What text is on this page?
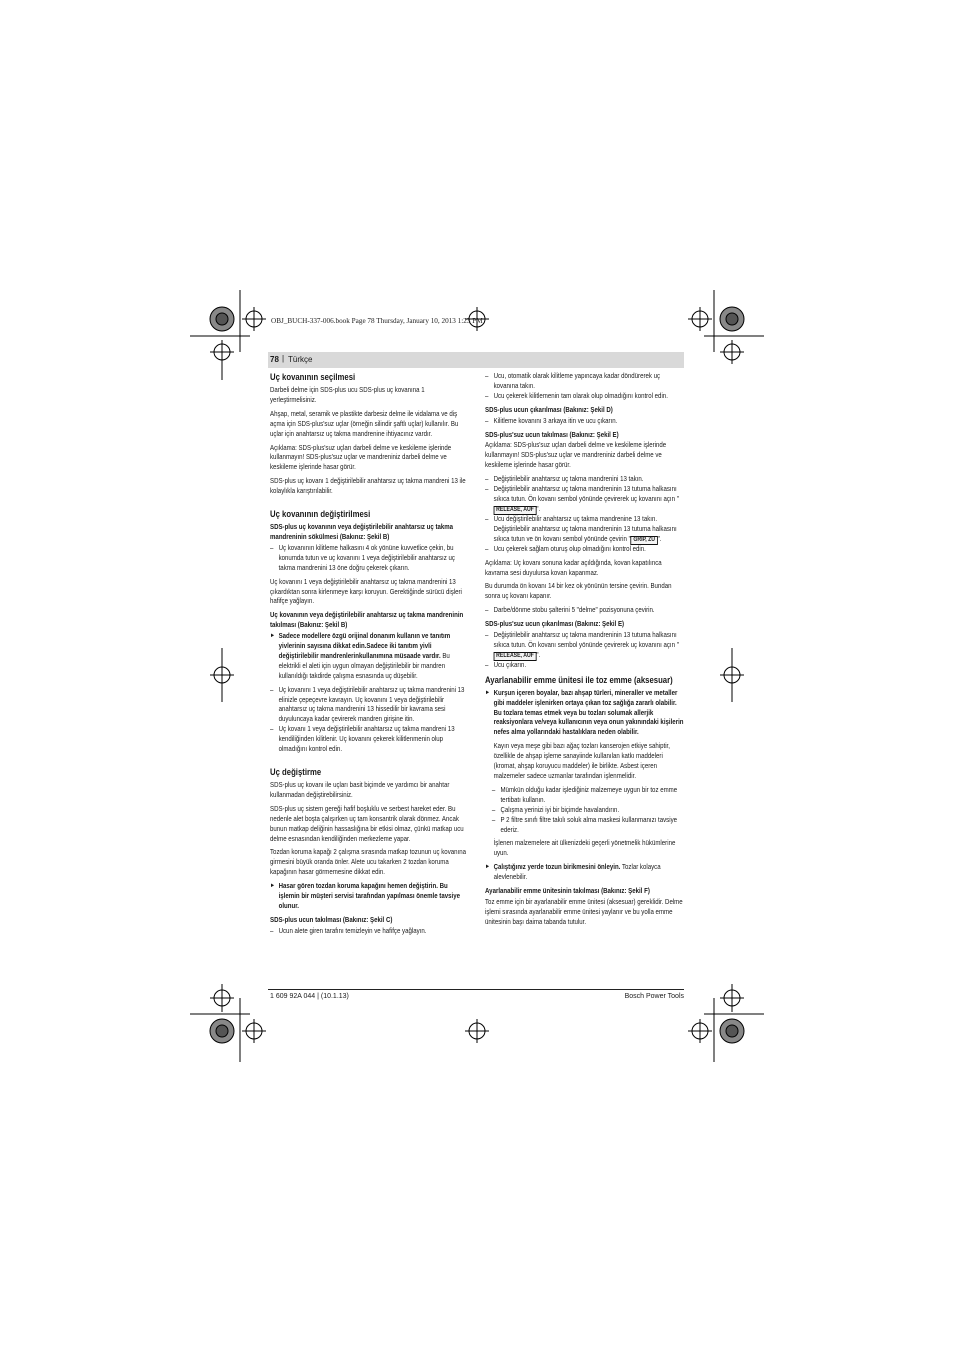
OBJ_BUCH-337-006.book Page 78 Thursday, January 10, 2013 1:23 PM
78 | Türkçe
Uç kovanının seçilmesi

Darbeli delme için SDS-plus ucu SDS-plus uç kovanına 1 yerleştirmelisiniz.

Ahşap, metal, seramik ve plastikte darbesiz delme ile vidalama ve diş açma için SDS-plus'suz uçlar (örneğin silindir şaftlı uçlar) kullanılır. Bu uçlar için anahtarsız uç takma mandrenine ihtiyacınız vardır.

Açıklama: SDS-plus'suz uçları darbeli delme ve keskileme işlerinde kullanmayın! SDS-plus'suz uçlar ve mandreniniz darbeli delme ve keskileme işlerinde hasar görür.

SDS-plus uç kovanı 1 değiştirilebilir anahtarsız uç takma mandreni 13 ile kolaylıkla karıştırılabilir.

Uç kovanının değiştirilmesi
SDS-plus uç kovanının veya değiştirilebilir anahtarsız uç takma mandreninin sökülmesi (Bakınız: Şekil B)
– Uç kovanının kilitleme halkasını 4 ok yönüne kuvvetlice çekin, bu konumda tutun ve uç kovanını 1 veya değiştirilebilir anahtarsız uç takma mandrenini 13 öne doğru çekerek çıkarın.

Uç kovanını 1 veya değiştirilebilir anahtarsız uç takma mandrenini 13 çıkardıktan sonra kirlenmeye karşı koruyun. Gerektiğinde sürücü dişleri hafifçe yağlayın.

Uç kovanının veya değiştirilebilir anahtarsız uç takma mandreninin takılması (Bakınız: Şekil B)
► Sadece modellere özgü orijinal donanım kullanın ve tanıtım yivlerinin sayısına dikkat edin.Sadece iki tanıtım yivli değiştirilebilir mandrenlerinkullanımına müsaade vardır. Bu elektrikli el aleti için uygun olmayan değiştirilebilir bir mandren kullanıldığı takdirde çalışma esnasında uç düşebilir.
– Uç kovanını 1 veya değiştirilebilir anahtarsız uç takma mandrenini 13 elinizle çepeçevre kavrayın. Uç kovanını 1 veya değiştirilebilir anahtarsız uç takma mandrenini 13 hissedilir bir kavrama sesi duyuluncaya kadar çevirerek mandren girişine itin.
– Uç kovanı 1 veya değiştirilebilir anahtarsız uç takma mandreni 13 kendiliğinden kilitlenir. Uç kovanını çekerek kilitlenmenin olup olmadığını kontrol edin.
Uç değiştirme

SDS-plus uç kovanı ile uçları basit biçimde ve yardımcı bir anahtar kullanmadan değiştirebilirsiniz.

SDS-plus uç sistem gereği hafif boşluklu ve serbest hareket eder. Bu nedenle alet boşta çalışırken uç tam konsantrik olarak dönmez. Ancak bunun matkap deliğinin hassaslığına bir etkisi olmaz, çünkü matkap ucu delme esnasından kendiliğinden merkezleme yapar.

Tozdan koruma kapağı 2 çalışma sırasında matkap tozunun uç kovanına girmesini büyük oranda önler. Alete ucu takarken 2 tozdan koruma kapağının hasar görmemesine dikkat edin.

► Hasar gören tozdan koruma kapağını hemen değiştirin. Bu işlemin bir müşteri servisi tarafından yapılması önemle tavsiye olunur.
SDS-plus ucun takılması (Bakınız: Şekil C)
– Ucun alete giren tarafını temizleyin ve hafifçe yağlayın.
– Ucu, otomatik olarak kilitleme yapıncaya kadar döndürerek uç kovanına takın.
– Ucu çekerek kilitlemenin tam olarak olup olmadığını kontrol edin.
SDS-plus ucun çıkarılması (Bakınız: Şekil D)
– Kilitleme kovanını 3 arkaya itin ve ucu çıkarın.
SDS-plus'suz ucun takılması (Bakınız: Şekil E)

Açıklama: SDS-plus'suz uçları darbeli delme ve keskileme işlerinde kullanmayın! SDS-plus'suz uçlar ve mandreniniz darbeli delme ve keskileme işlerinde hasar görür.

– Değiştirilebilir anahtarsız uç takma mandrenini 13 takın.
– Değiştirilebilir anahtarsız uç takma mandreninin 13 tutuma halkasını sıkıca tutun. Ön kovanı sembol yönünde çevirerek uç kovanını açın "RELEASE, AUF ".
– Ucu değiştirilebilir anahtarsız uç takma mandrenine 13 takın. Değiştirilebilir anahtarsız uç takma mandreninin 13 tutuma halkasını sıkıca tutun ve ön kovanı sembol yönünde çevirin " GRIP, ZU ".
– Ucu çekerek sağlam oturuş olup olmadığını kontrol edin.

Açıklama: Uç kovanı sonuna kadar açıldığında, kovan kapatılınca kavrama sesi duyulursa kovan kapanmaz.

Bu durumda ön kovanı 14 bir kez ok yönünün tersine çevirin. Bundan sonra uç kovanı kapanır.

– Darbe/dönme stobu şalterini 5 "delme" pozisyonuna çevirin.
SDS-plus'suz ucun çıkarılması (Bakınız: Şekil E)
– Değiştirilebilir anahtarsız uç takma mandreninin 13 tutuma halkasını sıkıca tutun. Ön kovanı sembol yönünde çevirerek uç kovanını açın "RELEASE, AUF ".
– Ucu çıkarın.
Ayarlanabilir emme ünitesi ile toz emme (aksesuar)
► Kurşun içeren boyalar, bazı ahşap türleri, mineraller ve metaller gibi maddeler işlenirken ortaya çıkan toz sağlığa zararlı olabilir. Bu tozlara temas etmek veya bu tozları solumak allerjik reaksiyonlara ve/veya kullanıcının veya onun yakınındaki kişilerin nefes alma yollarındaki hastalıklara neden olabilir.

Kayın veya meşe gibi bazı ağaç tozları kanserojen etkiye sahiptir, özellikle de ahşap işleme sanayiinde kullanılan katkı maddeleri (kromat, ahşap koruyucu maddeler) ile birlikte. Asbest içeren malzemeler sadece uzmanlar tarafından işlenmelidir.

– Mümkün olduğu kadar işlediğiniz malzemeye uygun bir toz emme tertibatı kullanın.
– Çalışma yerinizi iyi bir biçimde havalandırın.
– P 2 filtre sınıfı filtre takılı soluk alma maskesi kullanmanızı tavsiye ederiz.

İşlenen malzemelere ait ülkenizdeki geçerli yönetmelik hükümlerine uyun.

► Çalıştığınız yerde tozun birikmesini önleyin. Tozlar kolayca alevlenebilir.
Ayarlanabilir emme ünitesinin takılması (Bakınız: Şekil F)

Toz emme için bir ayarlanabilir emme ünitesi (aksesuar) gereklidir. Delme işlemi sırasında ayarlanabilir emme ünitesi yaylanır ve bu yolla emme ünitesinin başı daima tabanda tutulur.

1 609 92A 044 | (10.1.13)	Bosch Power Tools
